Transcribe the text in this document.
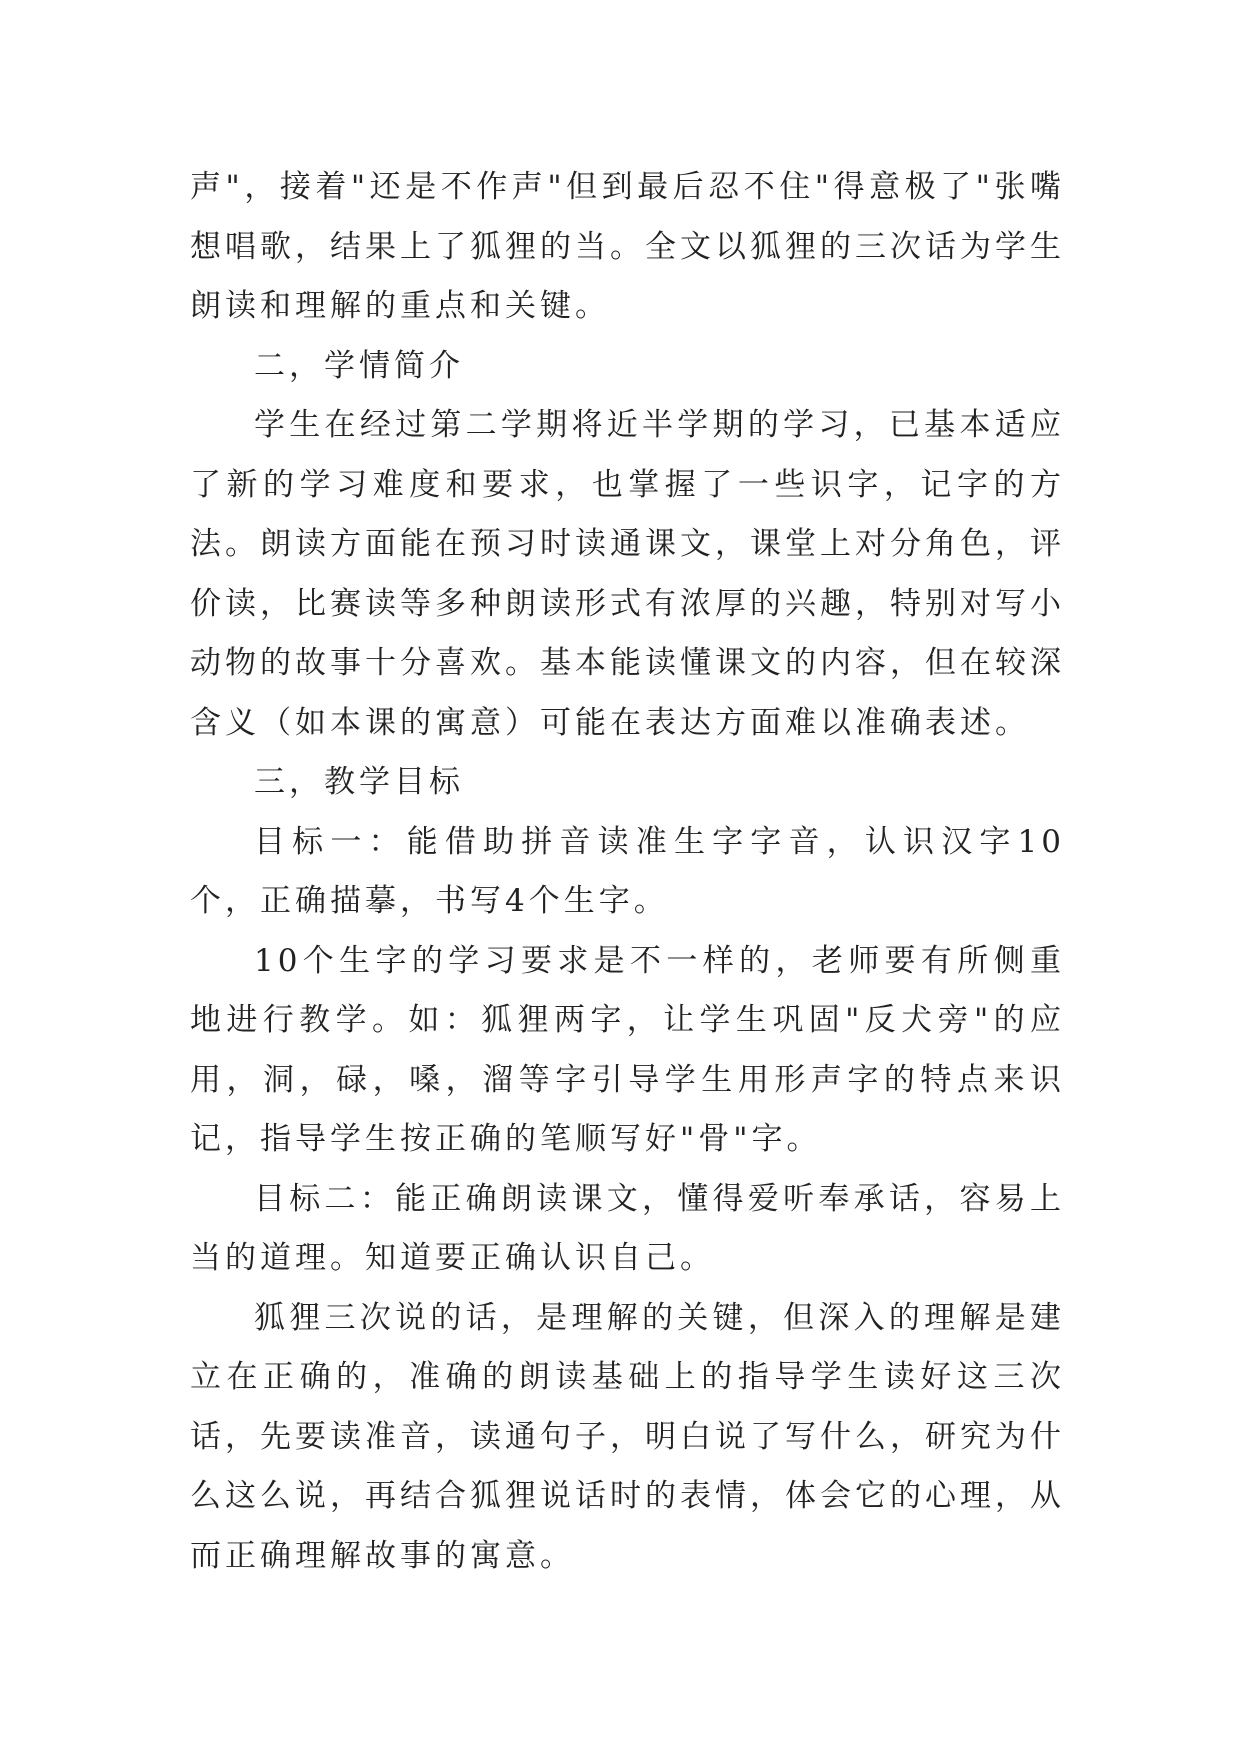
声"，接着"还是不作声"但到最后忍不住"得意极了"张嘴想唱歌，结果上了狐狸的当。全文以狐狸的三次话为学生朗读和理解的重点和关键。

二，学情简介

学生在经过第二学期将近半学期的学习，已基本适应了新的学习难度和要求，也掌握了一些识字，记字的方法。朗读方面能在预习时读通课文，课堂上对分角色，评价读，比赛读等多种朗读形式有浓厚的兴趣，特别对写小动物的故事十分喜欢。基本能读懂课文的内容，但在较深含义（如本课的寓意）可能在表达方面难以准确表述。

三，教学目标

目标一：能借助拼音读准生字字音，认识汉字10个，正确描摹，书写4个生字。

10个生字的学习要求是不一样的，老师要有所侧重地进行教学。如：狐狸两字，让学生巩固"反犬旁"的应用，洞，碌，嗓，溜等字引导学生用形声字的特点来识记，指导学生按正确的笔顺写好"骨"字。

目标二：能正确朗读课文，懂得爱听奉承话，容易上当的道理。知道要正确认识自己。

狐狸三次说的话，是理解的关键，但深入的理解是建立在正确的，准确的朗读基础上的指导学生读好这三次话，先要读准音，读通句子，明白说了写什么，研究为什么这么说，再结合狐狸说话时的表情，体会它的心理，从而正确理解故事的寓意。
